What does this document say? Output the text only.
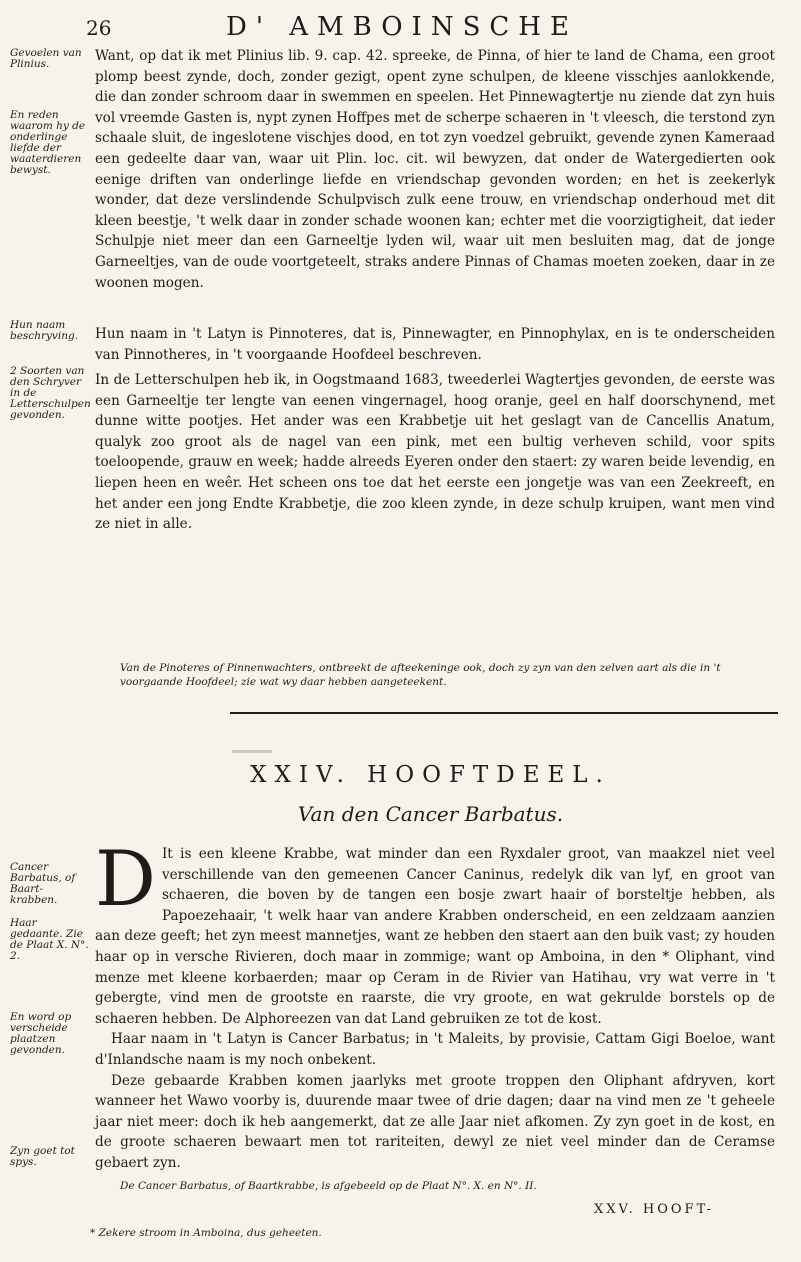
26	D' AMBOINSCHE
Gevoelen van Plinius.
En reden waarom hy de onderlinge liefde der waaterdieren bewyst.
Hun naam beschryving.
2 Soorten van den Schryver in de Letterschulpen gevonden.
Cancer Barbatus, of Baart-krabben.
Haar gedaante. Zie de Plaat X. N°. 2.
En word op verscheide plaatzen gevonden.
Zyn goet tot spys.

Want, op dat ik met Plinius lib. 9. cap. 42. spreeke, de Pinna, of hier te land de Chama, een groot plomp beest zynde, doch, zonder gezigt, opent zyne schulpen, de kleene visschjes aanlokkende, die dan zonder schroom daar in swemmen en speelen. Het Pinnewagtertje nu ziende dat zyn huis vol vreemde Gasten is, nypt zynen Hoffpes met de scherpe schaeren in 't vleesch, die terstond zyn schaale sluit, de ingeslotene vischjes dood, en tot zyn voedzel gebruikt, gevende zynen Kameraad een gedeelte daar van, waar uit Plin. loc. cit. wil bewyzen, dat onder de Watergedierten ook eenige driften van onderlinge liefde en vriendschap gevonden worden; en het is zeekerlyk wonder, dat deze verslindende Schulpvisch zulk eene trouw, en vriendschap onderhoud met dit kleen beestje, 't welk daar in zonder schade woonen kan; echter met die voorzigtigheit, dat ieder Schulpje niet meer dan een Garneeltje lyden wil, waar uit men besluiten mag, dat de jonge Garneeltjes, van de oude voortgeteelt, straks andere Pinnas of Chamas moeten zoeken, daar in ze woonen mogen.

Hun naam in 't Latyn is Pinnoteres, dat is, Pinnewagter, en Pinnophylax, en is te onderscheiden van Pinnotheres, in 't voorgaande Hoofdeel beschreven.

In de Letterschulpen heb ik, in Oogstmaand 1683, tweederlei Wagtertjes gevonden, de eerste was een Garneeltje ter lengte van eenen vingernagel, hoog oranje, geel en half doorschynend, met dunne witte pootjes. Het ander was een Krabbetje uit het geslagt van de Cancellis Anatum, qualyk zoo groot als de nagel van een pink, met een bultig verheven schild, voor spits toeloopende, grauw en week; hadde alreeds Eyeren onder den staert: zy waren beide levendig, en liepen heen en weêr. Het scheen ons toe dat het eerste een jongetje was van een Zeekreeft, en het ander een jong Endte Krabbetje, die zoo kleen zynde, in deze schulp kruipen, want men vind ze niet in alle.

Van de Pinoteres of Pinnenwachters, ontbreekt de afteekeninge ook, doch zy zyn van den zelven aart als die in 't voorgaande Hoofdeel; zie wat wy daar hebben aangeteekent.
XXIV. HOOFTDEEL.
Van den Cancer Barbatus.
D It is een kleene Krabbe, wat minder dan een Ryxdaler groot, van maakzel niet veel verschillende van den gemeenen Cancer Caninus, redelyk dik van lyf, en groot van schaeren, die boven by de tangen een bosje zwart haair of borsteltje hebben, als Papoezehaair, 't welk haar van andere Krabben onderscheid, en een zeldzaam aanzien aan deze geeft; het zyn meest mannetjes, want ze hebben den staert aan den buik vast; zy houden haar op in versche Rivieren, doch maar in zommige; want op Amboina, in den * Oliphant, vind menze met kleene korbaerden; maar op Ceram in de Rivier van Hatihau, vry wat verre in 't gebergte, vind men de grootste en raarste, die vry groote, en wat gekrulde borstels op de schaeren hebben. De Alphoreezen van dat Land gebruiken ze tot de kost.

Haar naam in 't Latyn is Cancer Barbatus; in 't Maleits, by provisie, Cattam Gigi Boeloe, want d'Inlandsche naam is my noch onbekent.

Deze gebaarde Krabben komen jaarlyks met groote troppen den Oliphant afdryven, kort wanneer het Wawo voorby is, duurende maar twee of drie dagen; daar na vind men ze 't geheele jaar niet meer: doch ik heb aangemerkt, dat ze alle Jaar niet afkomen. Zy zyn goet in de kost, en de groote schaeren bewaart men tot rariteiten, dewyl ze niet veel minder dan de Ceramse gebaert zyn.

De Cancer Barbatus, of Baartkrabbe, is afgebeeld op de Plaat N°. X. en N°. II.
XXV. HOOFT-
* Zekere stroom in Amboina, dus geheeten.
